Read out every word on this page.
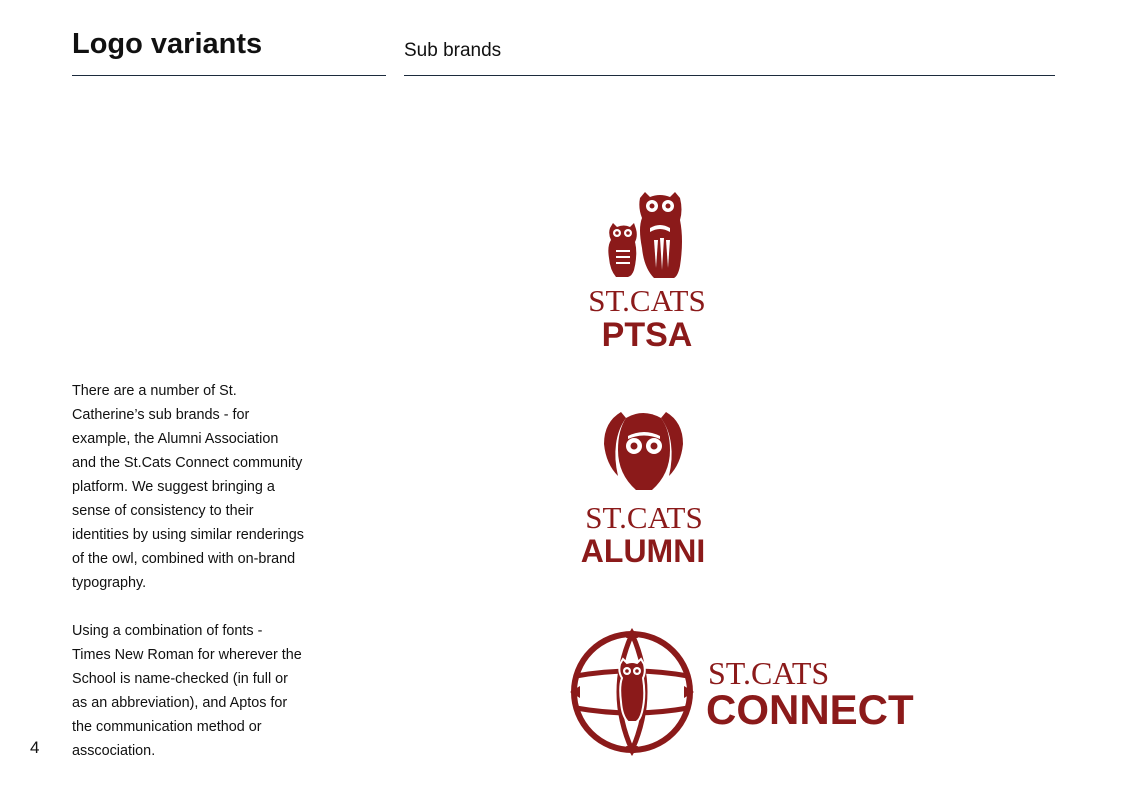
Logo variants	Sub brands
There are a number of St. Catherine’s sub brands - for example, the Alumni Association and the St.Cats Connect community platform. We suggest bringing a sense of consistency to their identities by using similar renderings of the owl, combined with on-brand typography.
Using a combination of fonts - Times New Roman for wherever the School is name-checked (in full or as an abbreviation), and Aptos for the communication method or asscociation.
4
ST.CATS
PTSA
ST.CATS
ALUMNI
ST.CATS
CONNECT
